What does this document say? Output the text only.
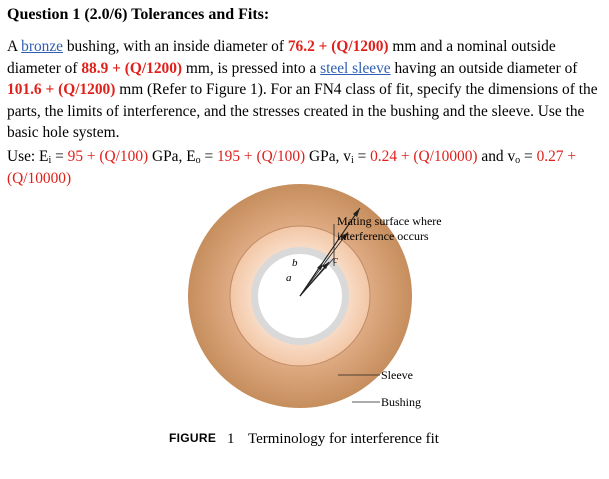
Question 1 (2.0/6) Tolerances and Fits:
A bronze bushing, with an inside diameter of 76.2 + (Q/1200) mm and a nominal outside diameter of 88.9 + (Q/1200) mm, is pressed into a steel sleeve having an outside diameter of 101.6 + (Q/1200) mm (Refer to Figure 1). For an FN4 class of fit, specify the dimensions of the parts, the limits of interference, and the stresses created in the bushing and the sleeve. Use the basic hole system.
Use: $E_i = 95 + (Q/100)$ GPa, $E_o = 195 + (Q/100)$ GPa, $v_i = 0.24 + (Q/10000)$ and $v_o = 0.27 + (Q/10000)$
a
b	c
Mating surface where
interference occurs
Sleeve
Bushing
FIGURE 1 Terminology for interference fit
